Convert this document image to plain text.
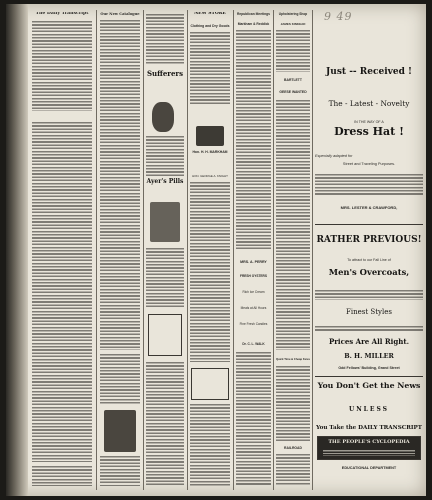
9 49
The Daily Transcript
	Our New Catalogue
Sufferers
Ayer's Pills
NEW STORE
Clothing and Dry Goods
Hon. H. H. MARKHAM
HON. GEORGE A. KNIGHT
Republican Meetings
Markham & Reddick
MRS. A. PERRY
FRESH OYSTERS
Rich Ice Cream
Meals at All Hours
Fine Fresh Candies
Dr. C. L. WALK
Upholstering Shop
JAMES KINKEAD
BARTLETT
GEESE WANTED
Quick Time & Cheap Fares
RAILROAD
Just -- Received !
The - Latest - Novelty
IN THE WAY OF A
Dress Hat !
Especially adapted for
Street and Traveling Purposes.
MRS. LESTER & CRAWFORD,
RATHER PREVIOUS!
To attract to our Fall Line of
Men's Overcoats,
Finest Styles
Prices Are All Right.
B. H. MILLER
Odd Fellows' Building, Grand Street
You Don't Get the News
UNLESS
You Take the DAILY TRANSCRIPT
THE PEOPLE'S CYCLOPEDIA
EDUCATIONAL DEPARTMENT
